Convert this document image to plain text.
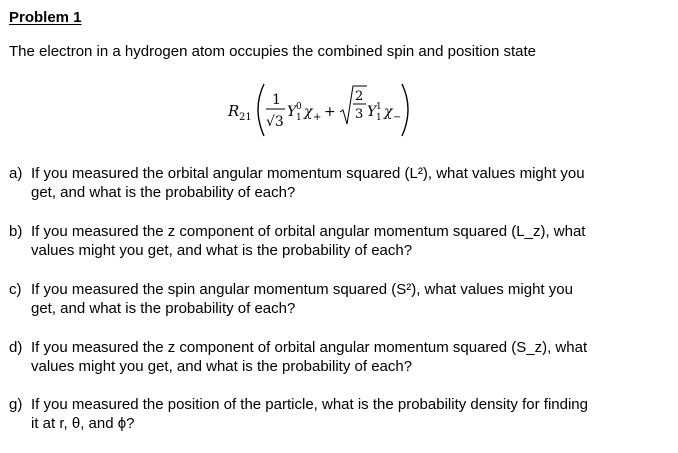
Problem 1
The electron in a hydrogen atom occupies the combined spin and position state
R 21
1
√3
Y 0
1 χ + +
2
3 Y 1
1 χ −
a) If you measured the orbital angular momentum squared (L²), what values might you
get, and what is the probability of each?
b) If you measured the z component of orbital angular momentum squared (L_z), what
values might you get, and what is the probability of each?
c) If you measured the spin angular momentum squared (S²), what values might you
get, and what is the probability of each?
d) If you measured the z component of orbital angular momentum squared (S_z), what
values might you get, and what is the probability of each?
g) If you measured the position of the particle, what is the probability density for finding
it at r, θ, and ϕ?
